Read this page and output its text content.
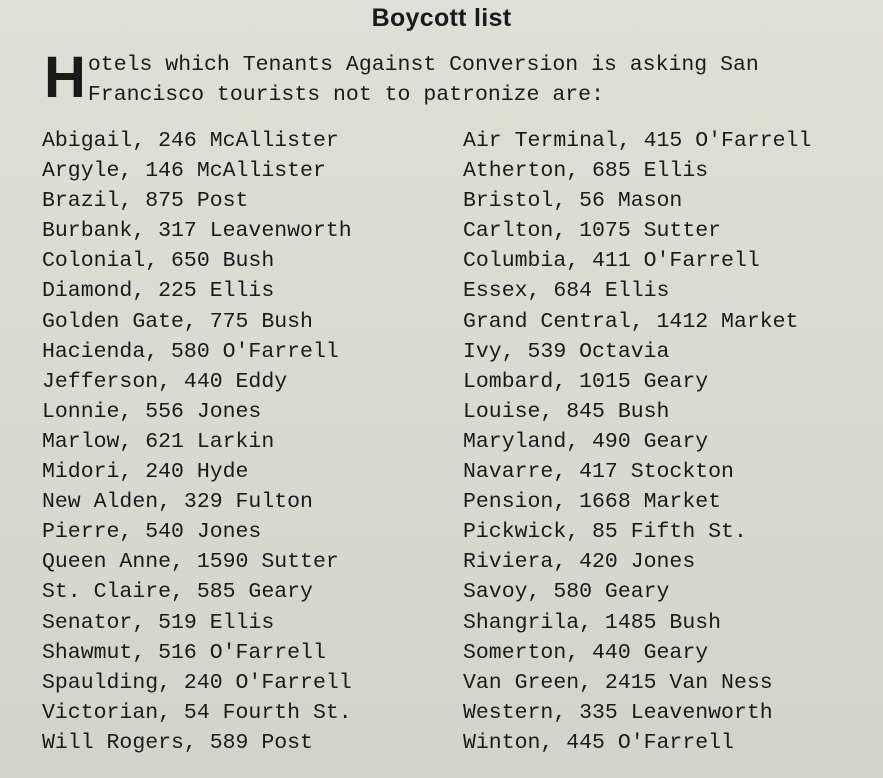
Boycott list
Hotels which Tenants Against Conversion is asking San Francisco tourists not to patronize are:
Abigail, 246 McAllister
Argyle, 146 McAllister
Brazil, 875 Post
Burbank, 317 Leavenworth
Colonial, 650 Bush
Diamond, 225 Ellis
Golden Gate, 775 Bush
Hacienda, 580 O'Farrell
Jefferson, 440 Eddy
Lonnie, 556 Jones
Marlow, 621 Larkin
Midori, 240 Hyde
New Alden, 329 Fulton
Pierre, 540 Jones
Queen Anne, 1590 Sutter
St. Claire, 585 Geary
Senator, 519 Ellis
Shawmut, 516 O'Farrell
Spaulding, 240 O'Farrell
Victorian, 54 Fourth St.
Will Rogers, 589 Post
Air Terminal, 415 O'Farrell
Atherton, 685 Ellis
Bristol, 56 Mason
Carlton, 1075 Sutter
Columbia, 411 O'Farrell
Essex, 684 Ellis
Grand Central, 1412 Market
Ivy, 539 Octavia
Lombard, 1015 Geary
Louise, 845 Bush
Maryland, 490 Geary
Navarre, 417 Stockton
Pension, 1668 Market
Pickwick, 85 Fifth St.
Riviera, 420 Jones
Savoy, 580 Geary
Shangrila, 1485 Bush
Somerton, 440 Geary
Van Green, 2415 Van Ness
Western, 335 Leavenworth
Winton, 445 O'Farrell
